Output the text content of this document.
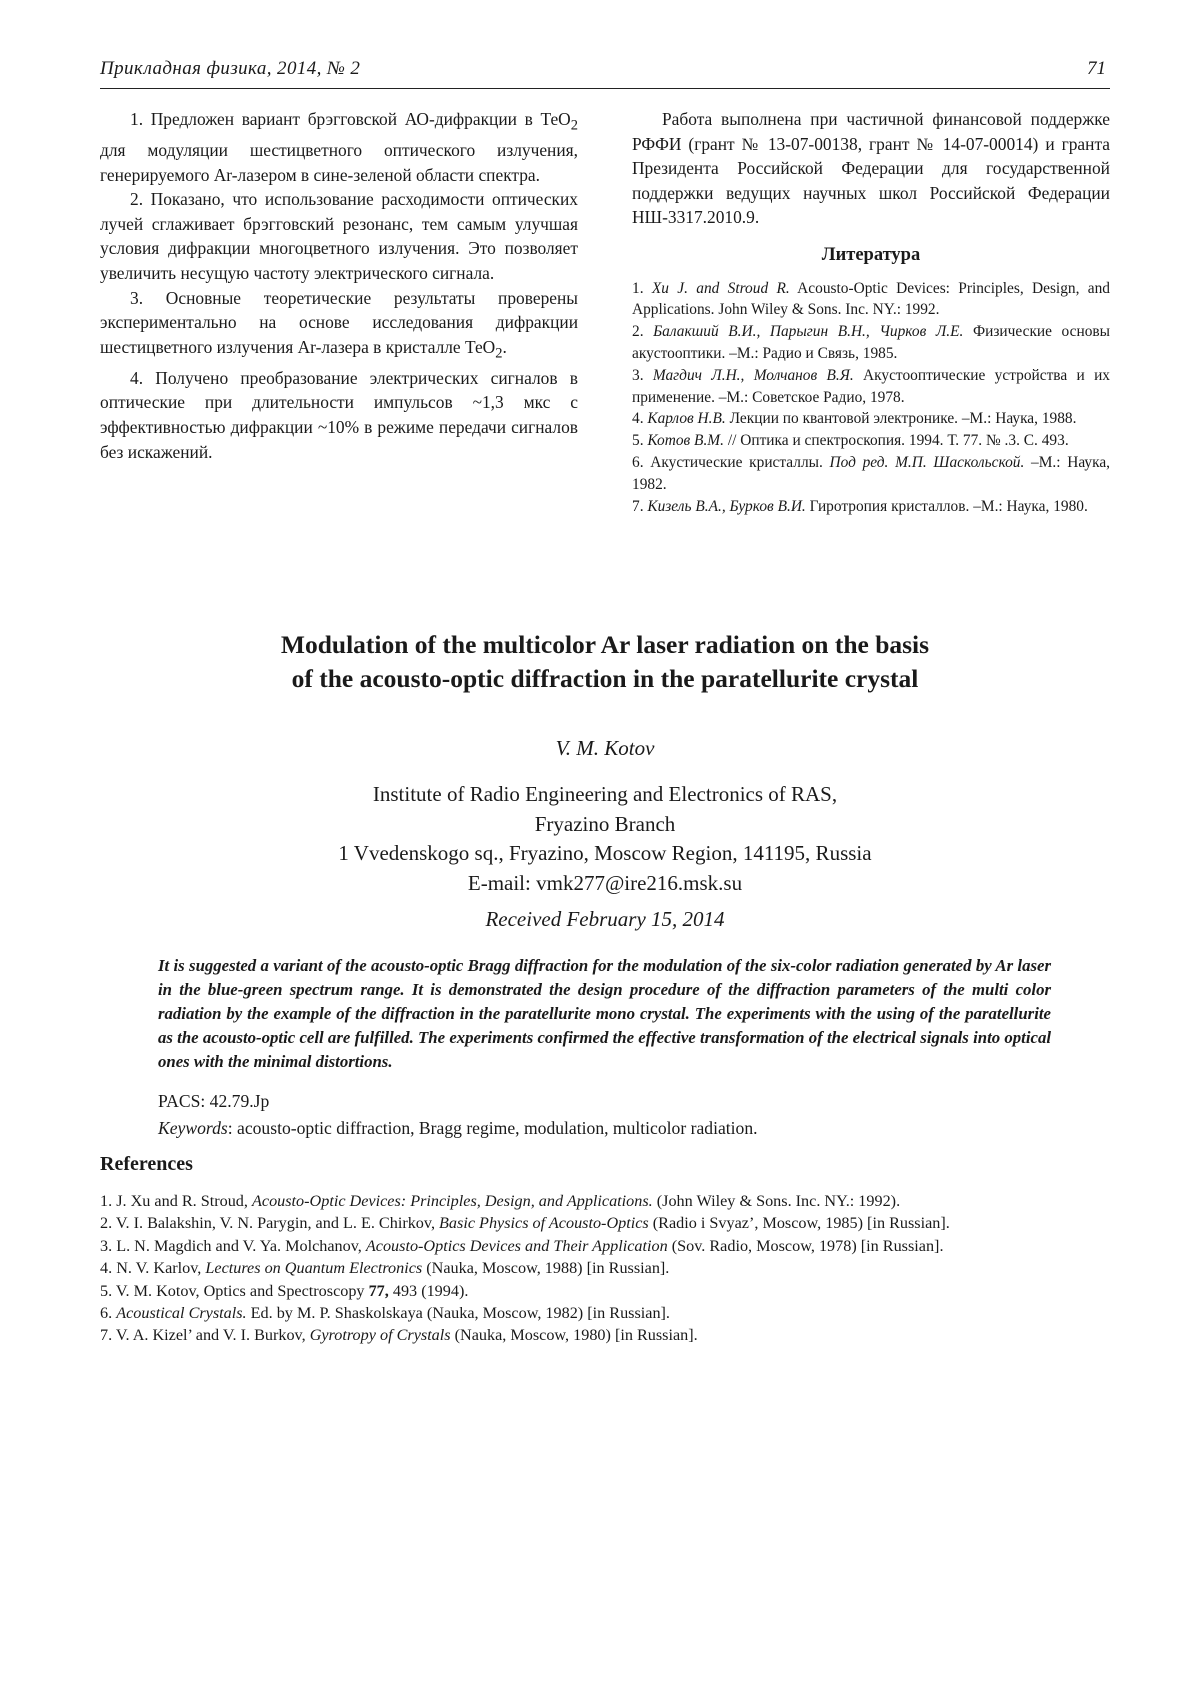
Прикладная физика, 2014, № 2	71

1. Предложен вариант брэгговской АО-дифракции в ТеO$_2$ для модуляции шестицветного оптического излучения, генерируемого Ar-лазером в сине-зеленой области спектра.

2. Показано, что использование расходимости оптических лучей сглаживает брэгговский резонанс, тем самым улучшая условия дифракции многоцветного излучения. Это позволяет увеличить несущую частоту электрического сигнала.

3. Основные теоретические результаты проверены экспериментально на основе исследования дифракции шестицветного излучения Ar-лазера в кристалле ТеO$_2$.

4. Получено преобразование электрических сигналов в оптические при длительности импульсов ~1,3 мкс с эффективностью дифракции ~10% в режиме передачи сигналов без искажений.

Работа выполнена при частичной финансовой поддержке РФФИ (грант № 13-07-00138, грант № 14-07-00014) и гранта Президента Российской Федерации для государственной поддержки ведущих научных школ Российской Федерации НШ-3317.2010.9.

Литература
1. Xu J. and Stroud R. Acousto-Optic Devices: Principles, Design, and Applications. John Wiley & Sons. Inc. NY.: 1992.
2. Балакший В.И., Парыгин В.Н., Чирков Л.Е. Физические основы акустооптики. –М.: Радио и Связь, 1985.
3. Магдич Л.Н., Молчанов В.Я. Акустооптические устройства и их применение. –М.: Советское Радио, 1978.
4. Карлов Н.В. Лекции по квантовой электронике. –М.: Наука, 1988.
5. Котов В.М. // Оптика и спектроскопия. 1994. Т. 77. № .3. С. 493.
6. Акустические кристаллы. Под ред. М.П. Шаскольской. –М.: Наука, 1982.
7. Кизель В.А., Бурков В.И. Гиротропия кристаллов. –М.: Наука, 1980.
Modulation of the multicolor Ar laser radiation on the basis
of the acousto-optic diffraction in the paratellurite crystal
V. M. Kotov
Institute of Radio Engineering and Electronics of RAS,
Fryazino Branch
1 Vvedenskogo sq., Fryazino, Moscow Region, 141195, Russia
E-mail: vmk277@ire216.msk.su
Received February 15, 2014
It is suggested a variant of the acousto-optic Bragg diffraction for the modulation of the six-color radiation generated by Ar laser in the blue-green spectrum range. It is demonstrated the design procedure of the diffraction parameters of the multi color radiation by the example of the diffraction in the paratellurite mono crystal. The experiments with the using of the paratellurite as the acousto-optic cell are fulfilled. The experiments confirmed the effective transformation of the electrical signals into optical ones with the minimal distortions.
PACS: 42.79.Jp
Keywords: acousto-optic diffraction, Bragg regime, modulation, multicolor radiation.
References
1. J. Xu and R. Stroud, Acousto-Optic Devices: Principles, Design, and Applications. (John Wiley & Sons. Inc. NY.: 1992).
2. V. I. Balakshin, V. N. Parygin, and L. E. Chirkov, Basic Physics of Acousto-Optics (Radio i Svyaz’, Moscow, 1985) [in Russian].
3. L. N. Magdich and V. Ya. Molchanov, Acousto-Optics Devices and Their Application (Sov. Radio, Moscow, 1978) [in Russian].
4. N. V. Karlov, Lectures on Quantum Electronics (Nauka, Moscow, 1988) [in Russian].
5. V. M. Kotov, Optics and Spectroscopy 77, 493 (1994).
6. Acoustical Crystals. Ed. by M. P. Shaskolskaya (Nauka, Moscow, 1982) [in Russian].
7. V. A. Kizel’ and V. I. Burkov, Gyrotropy of Crystals (Nauka, Moscow, 1980) [in Russian].
